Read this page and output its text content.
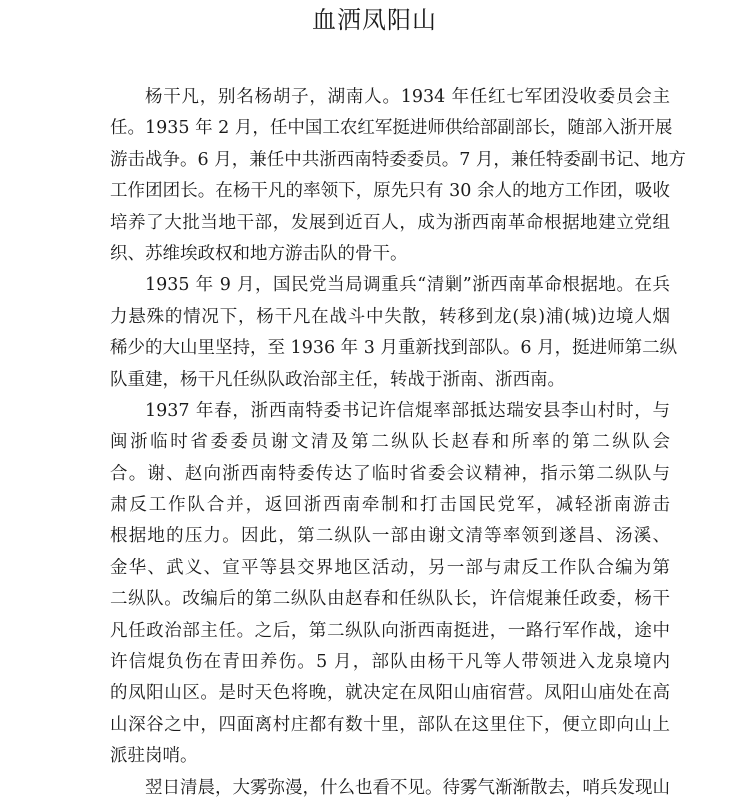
血洒凤阳山
杨干凡，别名杨胡子，湖南人。1934 年任红七军团没收委员会主
任。1935 年 2 月，任中国工农红军挺进师供给部副部长，随部入浙开展
游击战争。6 月，兼任中共浙西南特委委员。7 月，兼任特委副书记、地方
工作团团长。在杨干凡的率领下，原先只有 30 余人的地方工作团，吸收
培养了大批当地干部，发展到近百人，成为浙西南革命根据地建立党组
织、苏维埃政权和地方游击队的骨干。
1935 年 9 月，国民党当局调重兵“清剿”浙西南革命根据地。在兵
力悬殊的情况下，杨干凡在战斗中失散，转移到龙(泉)浦(城)边境人烟
稀少的大山里坚持，至 1936 年 3 月重新找到部队。6 月，挺进师第二纵
队重建，杨干凡任纵队政治部主任，转战于浙南、浙西南。
1937 年春，浙西南特委书记许信焜率部抵达瑞安县李山村时，与
闽浙临时省委委员谢文清及第二纵队长赵春和所率的第二纵队会
合。谢、赵向浙西南特委传达了临时省委会议精神，指示第二纵队与
肃反工作队合并，返回浙西南牵制和打击国民党军，减轻浙南游击
根据地的压力。因此，第二纵队一部由谢文清等率领到遂昌、汤溪、
金华、武义、宣平等县交界地区活动，另一部与肃反工作队合编为第
二纵队。改编后的第二纵队由赵春和任纵队长，许信焜兼任政委，杨干
凡任政治部主任。之后，第二纵队向浙西南挺进，一路行军作战，途中
许信焜负伤在青田养伤。5 月，部队由杨干凡等人带领进入龙泉境内
的凤阳山区。是时天色将晚，就决定在凤阳山庙宿营。凤阳山庙处在高
山深谷之中，四面离村庄都有数十里，部队在这里住下，便立即向山上
派驻岗哨。
翌日清晨，大雾弥漫，什么也看不见。待雾气渐渐散去，哨兵发现山
